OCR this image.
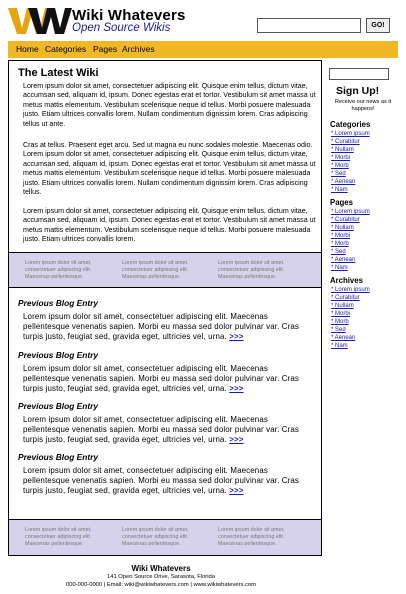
Wiki Whatevers
Open Source Wikis	GO!
Home Categories Pages Archives
The Latest Wiki
Lorem ipsum dolor sit amet, consectetuer adipiscing elit. Quisque enim tellus, dictum vitae, accumsan sed, aliquam id, ipsum. Donec egestas erat et tortor. Vestibulum sit amet massa ut metus mattis elementum. Vestibulum scelerisque neque id tellus. Morbi posuere malesuada justo. Etiam ultrices convallis lorem. Nullam condimentum dignissim lorem. Cras adipiscing tellus ut ante.
Cras at tellus. Praesent eget arcu. Sed ut magna eu nunc sodales molestie. Maecenas odio. Lorem ipsum dolor sit amet, consectetuer adipiscing elit. Quisque enim tellus, dictum vitae, accumsan sed, aliquam id, ipsum. Donec egestas erat et tortor. Vestibulum sit amet massa ut metus mattis elementum. Vestibulum scelerisque neque id tellus. Morbi posuere malesuada justo. Etiam ultrices convallis lorem. Nullam condimentum dignissim lorem. Cras adipiscing tellus.
Lorem ipsum dolor sit amet, consectetuer adipiscing elit. Quisque enim tellus, dictum vitae, accumsan sed, aliquam id, ipsum. Donec egestas erat et tortor. Vestibulum sit amet massa ut metus mattis elementum. Vestibulum scelerisque neque id tellus. Morbi posuere malesuada justo. Etiam ultrices convallis lorem.
Lorem ipsum dolor sit amet, consectetuer adipiscing elit. Maecenas pellentesque.
Lorem ipsum dolor sit amet, consectetuer adipiscing elit. Maecenas pellentesque.
Lorem ipsum dolor sit amet, consectetuer adipiscing elit. Maecenas pellentesque.
Previous Blog Entry
Lorem ipsum dolor sit amet, consectetuer adipiscing elit. Maecenas pellentesque venenatis sapien. Morbi eu massa sed dolor pulvinar var. Cras turpis justo, feugiat sed, gravida eget, ultricies vel, urna. >>>
Previous Blog Entry
Lorem ipsum dolor sit amet, consectetuer adipiscing elit. Maecenas pellentesque venenatis sapien. Morbi eu massa sed dolor pulvinar var. Cras turpis justo, feugiat sed, gravida eget, ultricies vel, urna. >>>
Previous Blog Entry
Lorem ipsum dolor sit amet, consectetuer adipiscing elit. Maecenas pellentesque venenatis sapien. Morbi eu massa sed dolor pulvinar var. Cras turpis justo, feugiat sed, gravida eget, ultricies vel, urna. >>>
Previous Blog Entry
Lorem ipsum dolor sit amet, consectetuer adipiscing elit. Maecenas pellentesque venenatis sapien. Morbi eu massa sed dolor pulvinar var. Cras turpis justo, feugiat sed, gravida eget, ultricies vel, urna. >>>
Lorem ipsum dolor sit amet, consectetuer adipiscing elit. Maecenas pellentesque.
Lorem ipsum dolor sit amet, consectetuer adipiscing elit. Maecenas pellentesque.
Lorem ipsum dolor sit amet, consectetuer adipiscing elit. Maecenas pellentesque.
Sign Up!
Receive our news as it happens!
Categories
* Lorem ipsum
* Curabitur
* Nullam
* Morbi
* Morb
* Sed
* Aenean
* Nam
Pages
* Lorem ipsum
* Curabitur
* Nullam
* Morbi
* Morb
* Sed
* Aenean
* Nam
Archives
* Lorem ipsum
* Curabitur
* Nullam
* Morbi
* Morb
* Sed
* Aenean
* Nam
Wiki Whatevers
141 Open Source Drive, Sarasota, Florida
000-000-0000 | Email: wiki@wikiwhatevers.com | www.wikiwhatevers.com
